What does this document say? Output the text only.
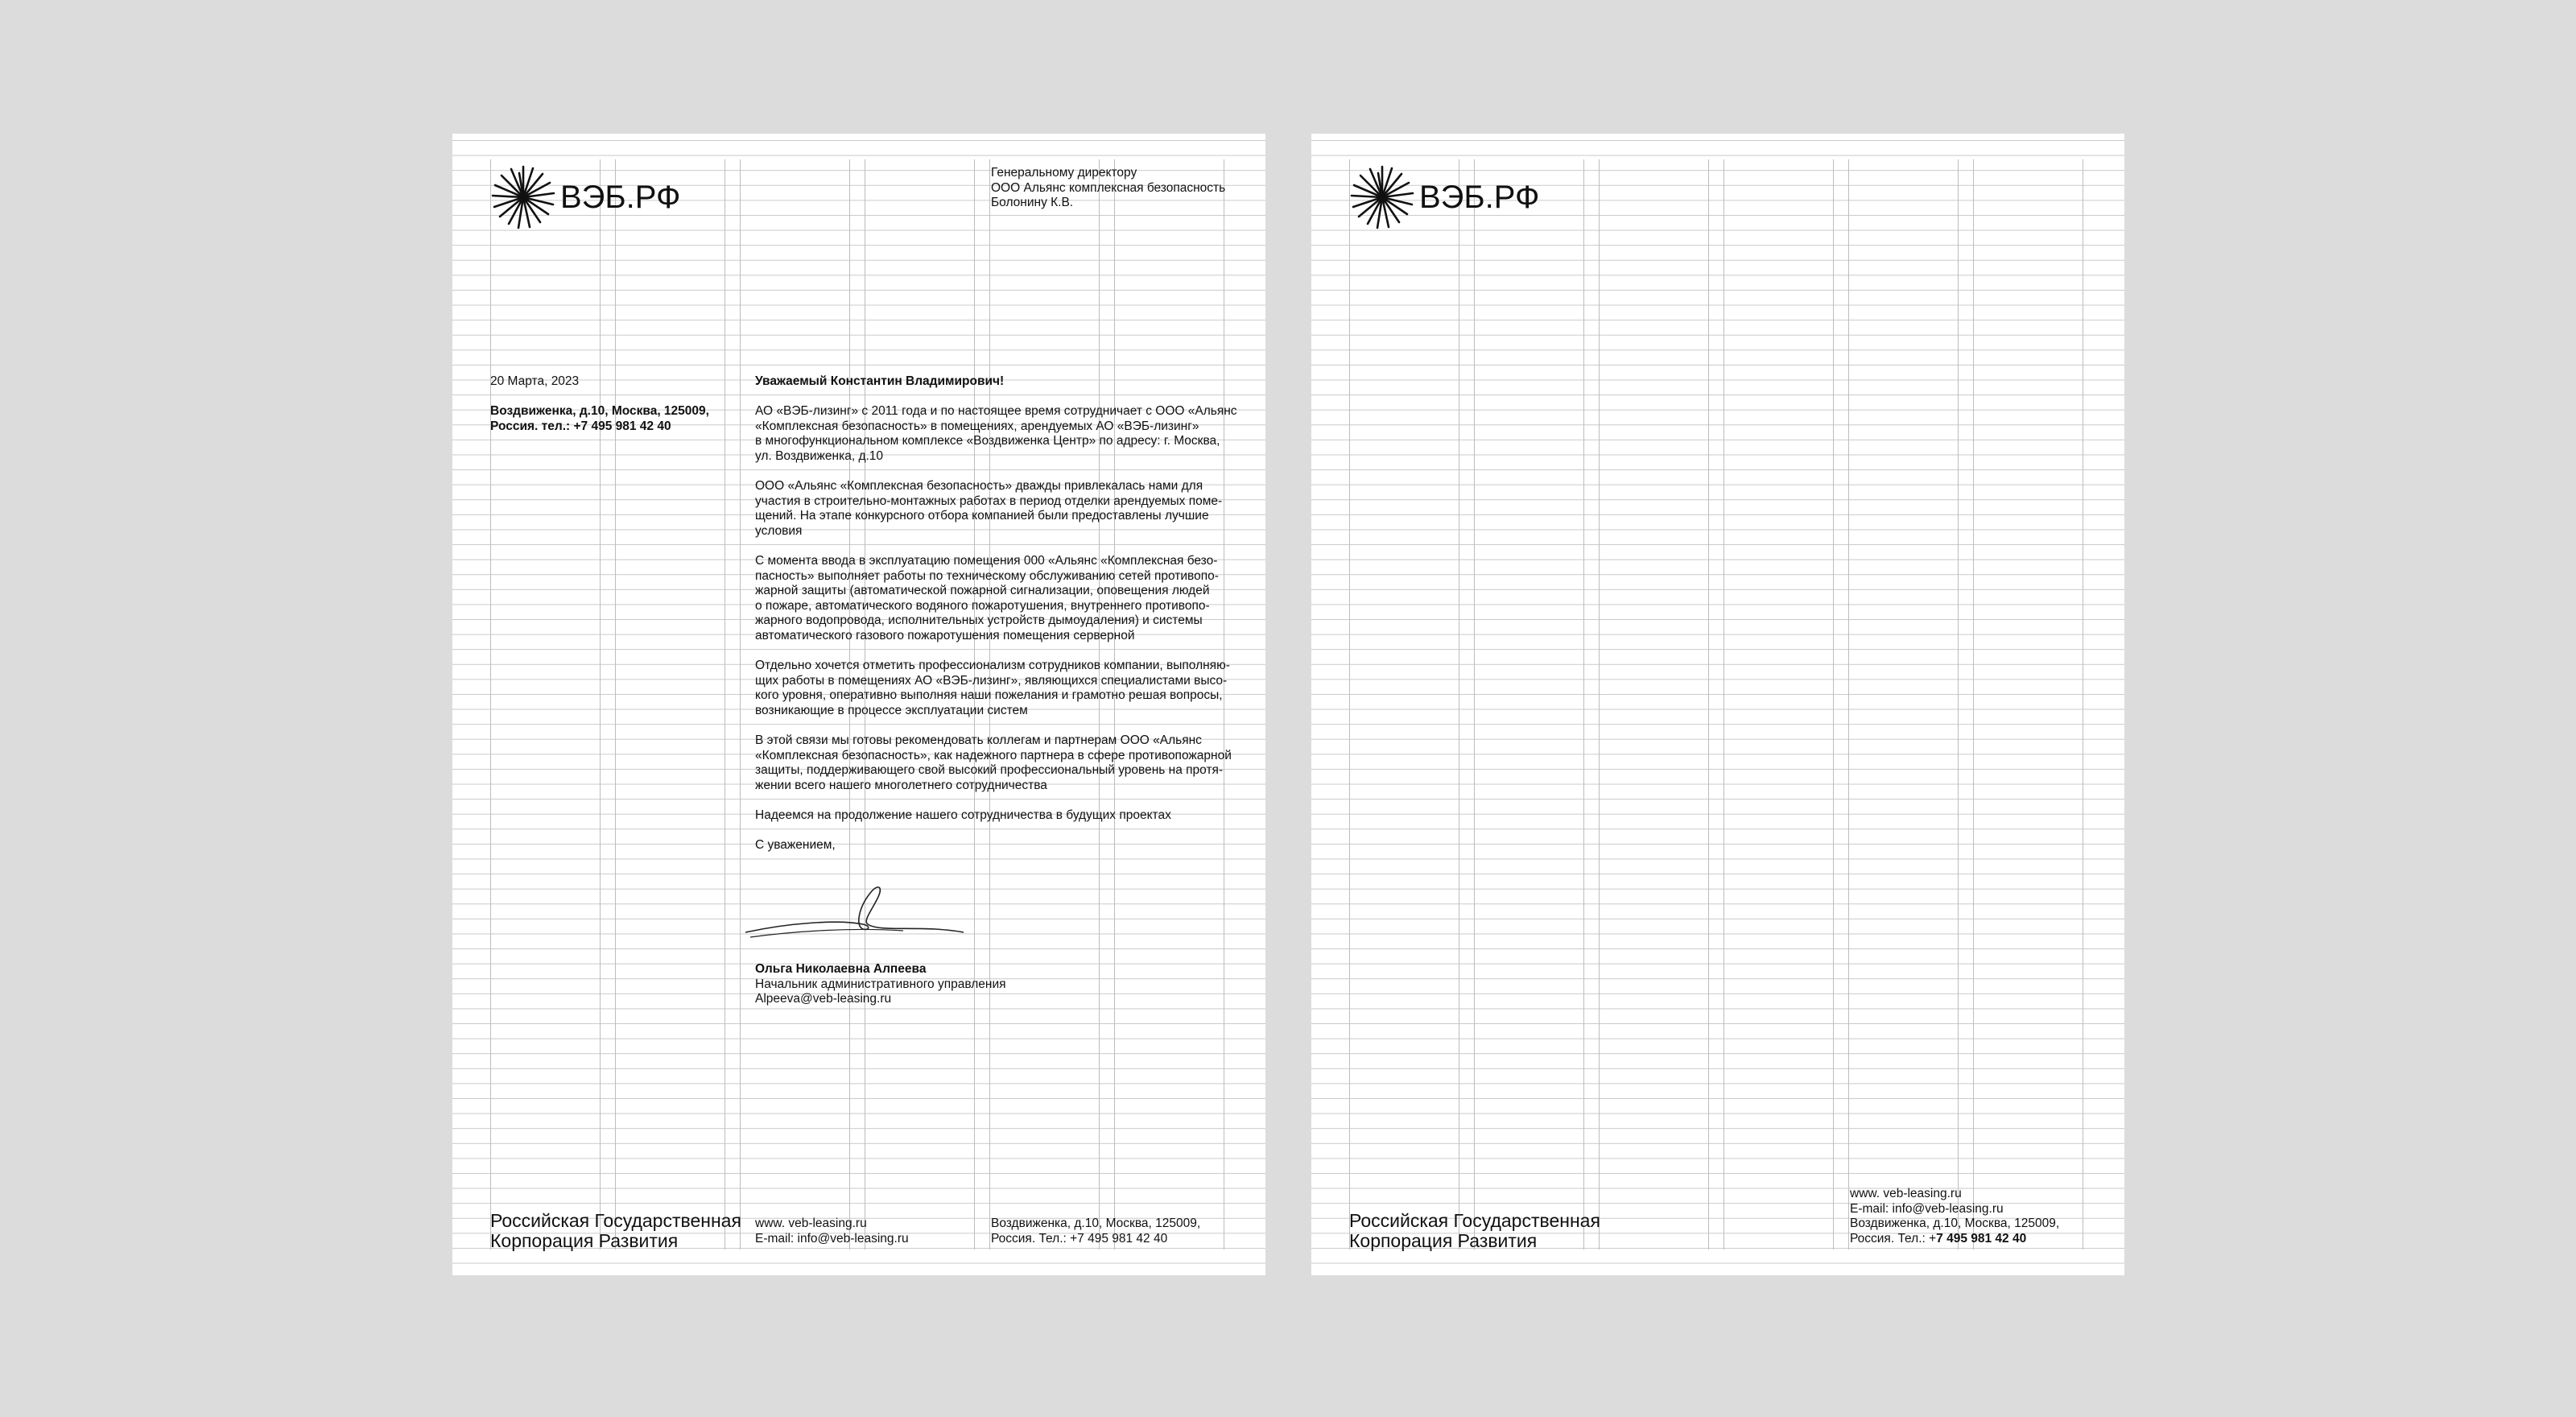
ВЭБ.РФ
Генеральному директору
ООО Альянс комплексная безопасность
Болонину К.В.
20 Марта, 2023
Воздвиженка, д.10, Москва, 125009,
Россия. тел.: +7 495 981 42 40
Уважаемый Константин Владимирович!
АО «ВЭБ-лизинг» с 2011 года и по настоящее время сотрудничает с ООО «Альянс
«Комплексная безопасность» в помещениях, арендуемых АО «ВЭБ-лизинг»
в многофункциональном комплексе «Воздвиженка Центр» по адресу: г. Москва,
ул. Воздвиженка, д.10
ООО «Альянс «Комплексная безопасность» дважды привлекалась нами для
участия в строительно-монтажных работах в период отделки арендуемых поме-
щений. На этапе конкурсного отбора компанией были предоставлены лучшие
условия
С момента ввода в эксплуатацию помещения 000 «Альянс «Комплексная безо-
пасность» выполняет работы по техническому обслуживанию сетей противопо-
жарной защиты (автоматической пожарной сигнализации, оповещения людей
о пожаре, автоматического водяного пожаротушения, внутреннего противопо-
жарного водопровода, исполнительных устройств дымоудаления) и системы
автоматического газового пожаротушения помещения серверной
Отдельно хочется отметить профессионализм сотрудников компании, выполняю-
щих работы в помещениях АО «ВЭБ-лизинг», являющихся специалистами высо-
кого уровня, оперативно выполняя наши пожелания и грамотно решая вопросы,
возникающие в процессе эксплуатации систем
В этой связи мы готовы рекомендовать коллегам и партнерам ООО «Альянс
«Комплексная безопасность», как надежного партнера в сфере противопожарной
защиты, поддерживающего свой высокий профессиональный уровень на протя-
жении всего нашего многолетнего сотрудничества
Надеемся на продолжение нашего сотрудничества в будущих проектах
С уважением,
Ольга Николаевна Алпеева
Начальник административного управления
Alpeeva@veb-leasing.ru
Российская Государственная
Корпорация Развития
www. veb-leasing.ru
E-mail: info@veb-leasing.ru
Воздвиженка, д.10, Москва, 125009,
Россия. Тел.: +7 495 981 42 40
ВЭБ.РФ
Российская Государственная
Корпорация Развития
www. veb-leasing.ru
E-mail: info@veb-leasing.ru
Воздвиженка, д.10, Москва, 125009,
Россия. Тел.: +7 495 981 42 40
